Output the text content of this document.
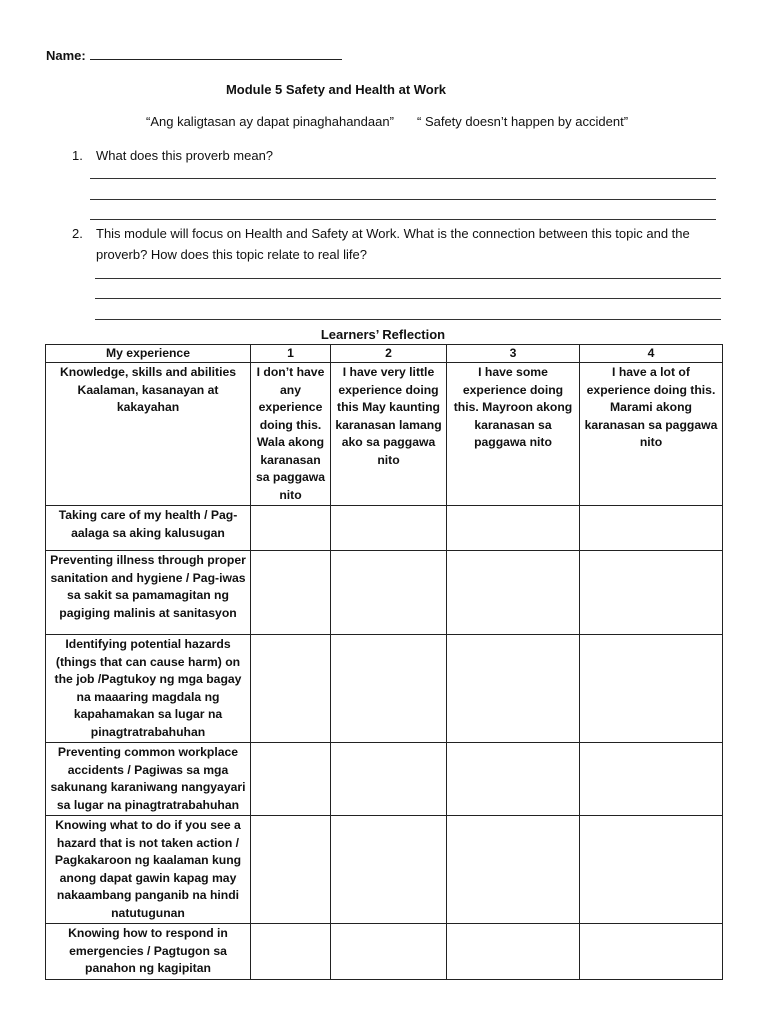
Name:
Module 5 Safety and Health at Work
“Ang kaligtasan ay dapat pinaghahandaan” “ Safety doesn’t happen by accident”
1. What does this proverb mean?
2. This module will focus on Health and Safety at Work. What is the connection between this topic and the proverb? How does this topic relate to real life?
Learners’ Reflection
My experience	1	2	3	4
Knowledge, skills and abilities Kaalaman, kasanayan at kakayahan	I don’t have any experience doing this. Wala akong karanasan sa paggawa nito	I have very little experience doing this May kaunting karanasan lamang ako sa paggawa nito	I have some experience doing this. Mayroon akong karanasan sa paggawa nito	I have a lot of experience doing this. Marami akong karanasan sa paggawa nito
Taking care of my health / Pag-aalaga sa aking kalusugan				
Preventing illness through proper sanitation and hygiene / Pag-iwas sa sakit sa pamamagitan ng pagiging malinis at sanitasyon				
Identifying potential hazards (things that can cause harm) on the job /Pagtukoy ng mga bagay na maaaring magdala ng kapahamakan sa lugar na pinagtratrabahuhan				
Preventing common workplace accidents / Pagiwas sa mga sakunang karaniwang nangyayari sa lugar na pinagtratrabahuhan				
Knowing what to do if you see a hazard that is not taken action / Pagkakaroon ng kaalaman kung anong dapat gawin kapag may nakaambang panganib na hindi natutugunan				
Knowing how to respond in emergencies / Pagtugon sa panahon ng kagipitan				
